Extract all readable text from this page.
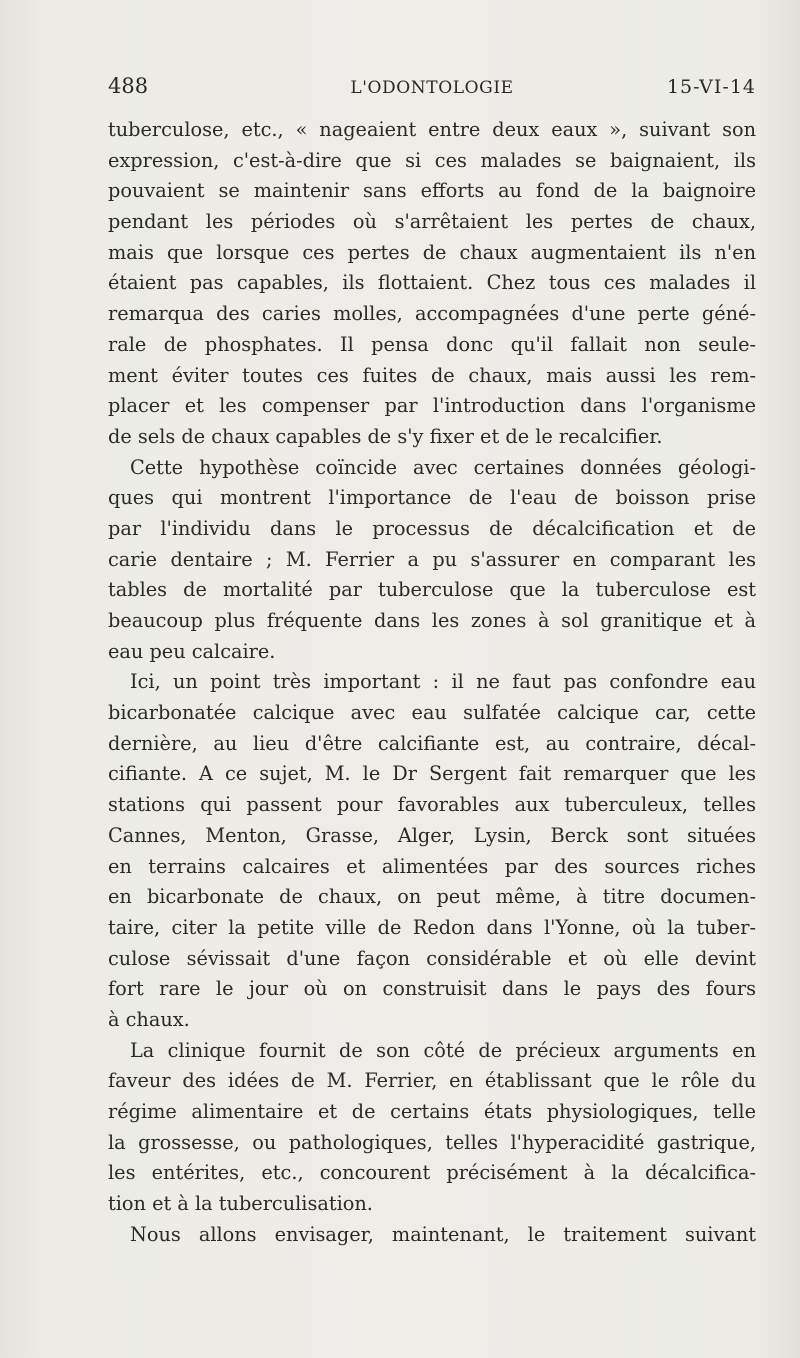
488	L'ODONTOLOGIE	15-VI-14
tuberculose, etc., « nageaient entre deux eaux », suivant son
expression, c'est-à-dire que si ces malades se baignaient, ils
pouvaient se maintenir sans efforts au fond de la baignoire
pendant les périodes où s'arrêtaient les pertes de chaux,
mais que lorsque ces pertes de chaux augmentaient ils n'en
étaient pas capables, ils flottaient. Chez tous ces malades il
remarqua des caries molles, accompagnées d'une perte géné-
rale de phosphates. Il pensa donc qu'il fallait non seule-
ment éviter toutes ces fuites de chaux, mais aussi les rem-
placer et les compenser par l'introduction dans l'organisme
de sels de chaux capables de s'y fixer et de le recalcifier.
Cette hypothèse coïncide avec certaines données géologi-
ques qui montrent l'importance de l'eau de boisson prise
par l'individu dans le processus de décalcification et de
carie dentaire ; M. Ferrier a pu s'assurer en comparant les
tables de mortalité par tuberculose que la tuberculose est
beaucoup plus fréquente dans les zones à sol granitique et à
eau peu calcaire.
Ici, un point très important : il ne faut pas confondre eau
bicarbonatée calcique avec eau sulfatée calcique car, cette
dernière, au lieu d'être calcifiante est, au contraire, décal-
cifiante. A ce sujet, M. le Dr Sergent fait remarquer que les
stations qui passent pour favorables aux tuberculeux, telles
Cannes, Menton, Grasse, Alger, Lysin, Berck sont situées
en terrains calcaires et alimentées par des sources riches
en bicarbonate de chaux, on peut même, à titre documen-
taire, citer la petite ville de Redon dans l'Yonne, où la tuber-
culose sévissait d'une façon considérable et où elle devint
fort rare le jour où on construisit dans le pays des fours
à chaux.
La clinique fournit de son côté de précieux arguments en
faveur des idées de M. Ferrier, en établissant que le rôle du
régime alimentaire et de certains états physiologiques, telle
la grossesse, ou pathologiques, telles l'hyperacidité gastrique,
les entérites, etc., concourent précisément à la décalcifica-
tion et à la tuberculisation.
Nous allons envisager, maintenant, le traitement suivant
